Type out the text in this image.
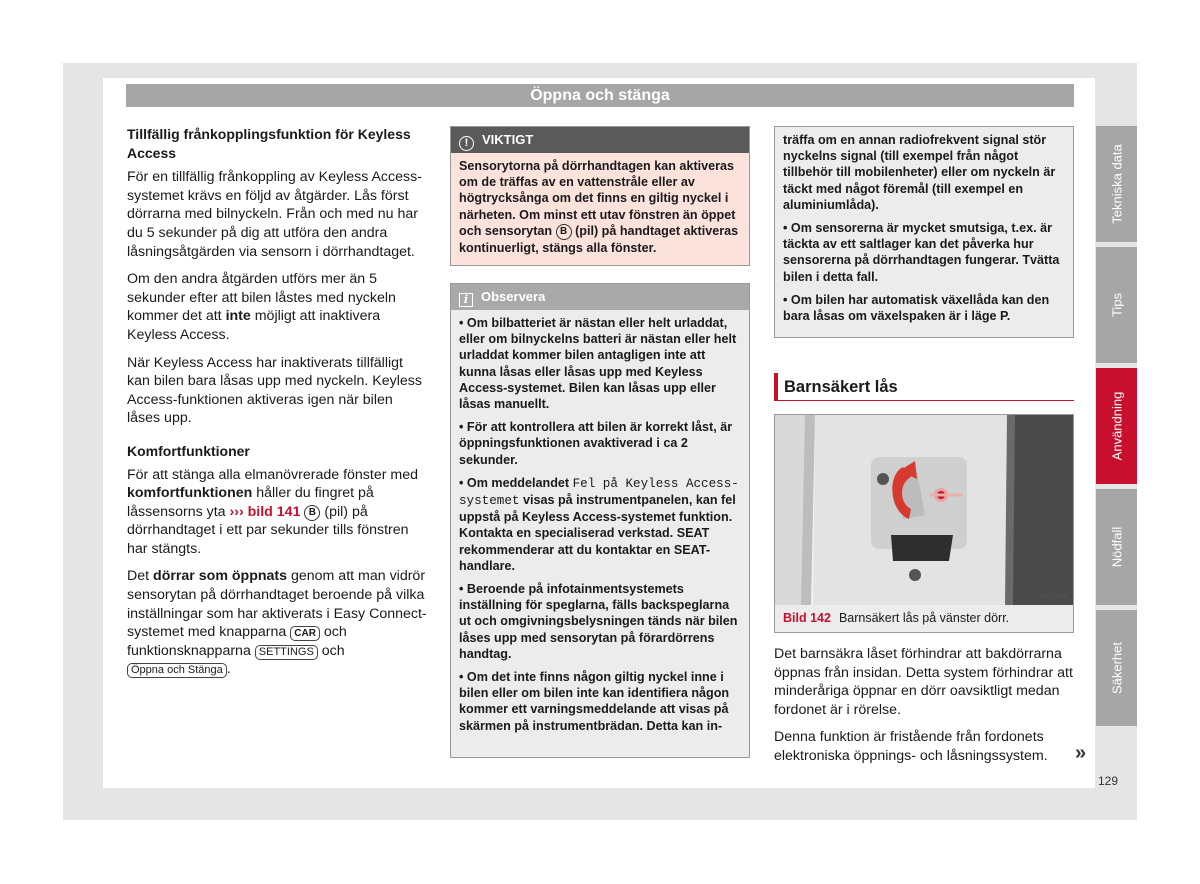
Öppna och stänga
Tillfällig frånkopplingsfunktion för Keyless Access

För en tillfällig frånkoppling av Keyless Access-systemet krävs en följd av åtgärder. Lås först dörrarna med bilnyckeln. Från och med nu har du 5 sekunder på dig att utföra den andra låsningsåtgärden via sensorn i dörrhandtaget.

Om den andra åtgärden utförs mer än 5 sekunder efter att bilen låstes med nyckeln kommer det att inte möjligt att inaktivera Keyless Access.

När Keyless Access har inaktiverats tillfälligt kan bilen bara låsas upp med nyckeln. Keyless Access-funktionen aktiveras igen när bilen låses upp.

Komfortfunktioner

För att stänga alla elmanövrerade fönster med komfortfunktionen håller du fingret på låssensorns yta ››› bild 141 B (pil) på dörrhandtaget i ett par sekunder tills fönstren har stängts.

Det dörrar som öppnats genom att man vidrör sensorytan på dörrhandtaget beroende på vilka inställningar som har aktiverats i Easy Connect-systemet med knapparna CAR och funktionsknapparna SETTINGS och Öppna och Stänga .

! VIKTIGT
Sensorytorna på dörrhandtagen kan aktiveras om de träffas av en vattenstråle eller av högtrycksånga om det finns en giltig nyckel i närheten. Om minst ett utav fönstren än öppet och sensorytan B (pil) på handtaget aktiveras kontinuerligt, stängs alla fönster.
i Observera

• Om bilbatteriet är nästan eller helt urladdat, eller om bilnyckelns batteri är nästan eller helt urladdat kommer bilen antagligen inte att kunna låsas eller låsas upp med Keyless Access-systemet. Bilen kan låsas upp eller låsas manuellt.

• För att kontrollera att bilen är korrekt låst, är öppningsfunktionen avaktiverad i ca 2 sekunder.

• Om meddelandet Fel på Keyless Access-systemet visas på instrumentpanelen, kan fel uppstå på Keyless Access-systemet funktion. Kontakta en specialiserad verkstad. SEAT rekommenderar att du kontaktar en SEAT-handlare.

• Beroende på infotainmentsystemets inställning för speglarna, fälls backspeglarna ut och omgivningsbelysningen tänds när bilen låses upp med sensorytan på förardörrens handtag.

• Om det inte finns någon giltig nyckel inne i bilen eller om bilen inte kan identifiera någon kommer ett varningsmeddelande att visas på skärmen på instrumentbrädan. Detta kan in-

träffa om en annan radiofrekvent signal stör nyckelns signal (till exempel från något tillbehör till mobilenheter) eller om nyckeln är täckt med något föremål (till exempel en aluminiumlåda).

• Om sensorerna är mycket smutsiga, t.ex. är täckta av ett saltlager kan det påverka hur sensorerna på dörrhandtagen fungerar. Tvätta bilen i detta fall.

• Om bilen har automatisk växellåda kan den bara låsas om växelspaken är i läge P.

Barnsäkert lås
B6J-0338
Bild 142 Barnsäkert lås på vänster dörr.

Det barnsäkra låset förhindrar att bakdörrarna öppnas från insidan. Detta system förhindrar att minderåriga öppnar en dörr oavsiktligt medan fordonet är i rörelse.

Denna funktion är fristående från fordonets elektroniska öppnings- och låsningssystem.	»
129
Tekniska data
Tips
Användning
Nödfall
Säkerhet
